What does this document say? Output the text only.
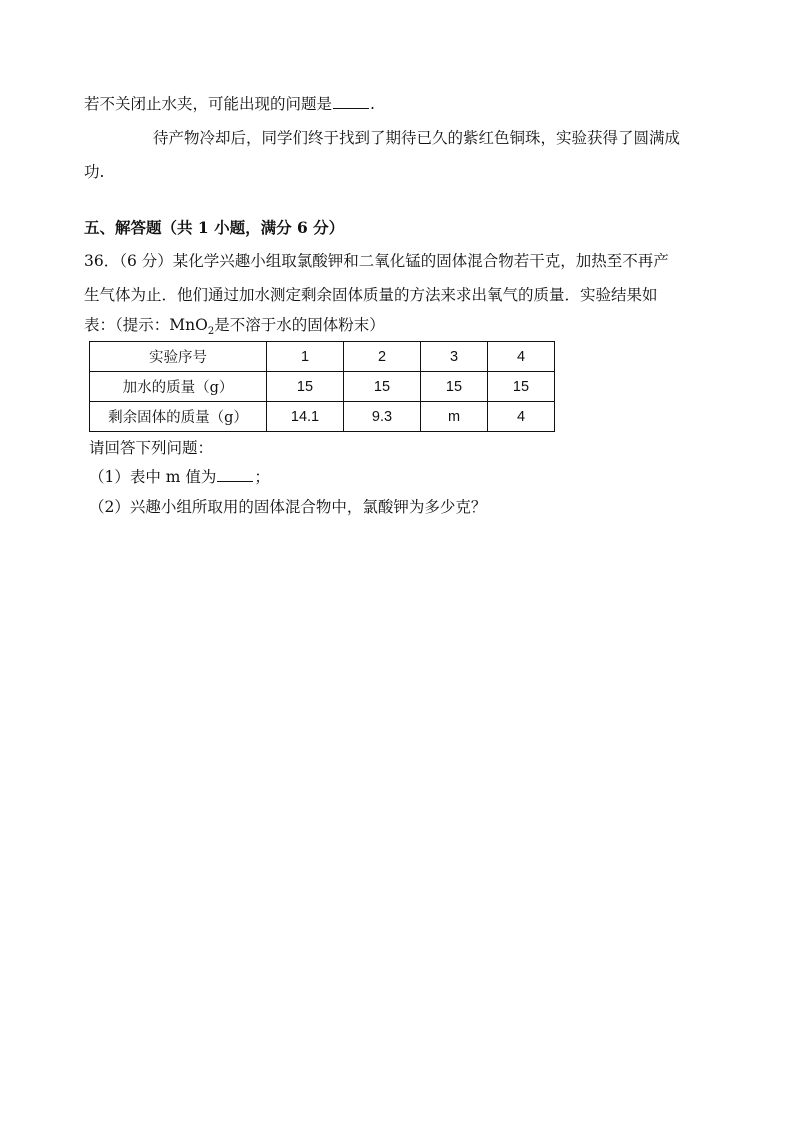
若不关闭止水夹，可能出现的问题是 .
待产物冷却后，同学们终于找到了期待已久的紫红色铜珠，实验获得了圆满成
功.
五、解答题（共 1 小题，满分 6 分）
36．（6 分）某化学兴趣小组取氯酸钾和二氧化锰的固体混合物若干克，加热至不再产
生气体为止．他们通过加水测定剩余固体质量的方法来求出氧气的质量．实验结果如
表：（提示：MnO$_2$是不溶于水的固体粉末）
实验序号	1	2	3	4
加水的质量（g）	15	15	15	15
剩余固体的质量（g）	14.1	9.3	m	4
请回答下列问题：
（1）表中 m 值为 ；
（2）兴趣小组所取用的固体混合物中，氯酸钾为多少克？
